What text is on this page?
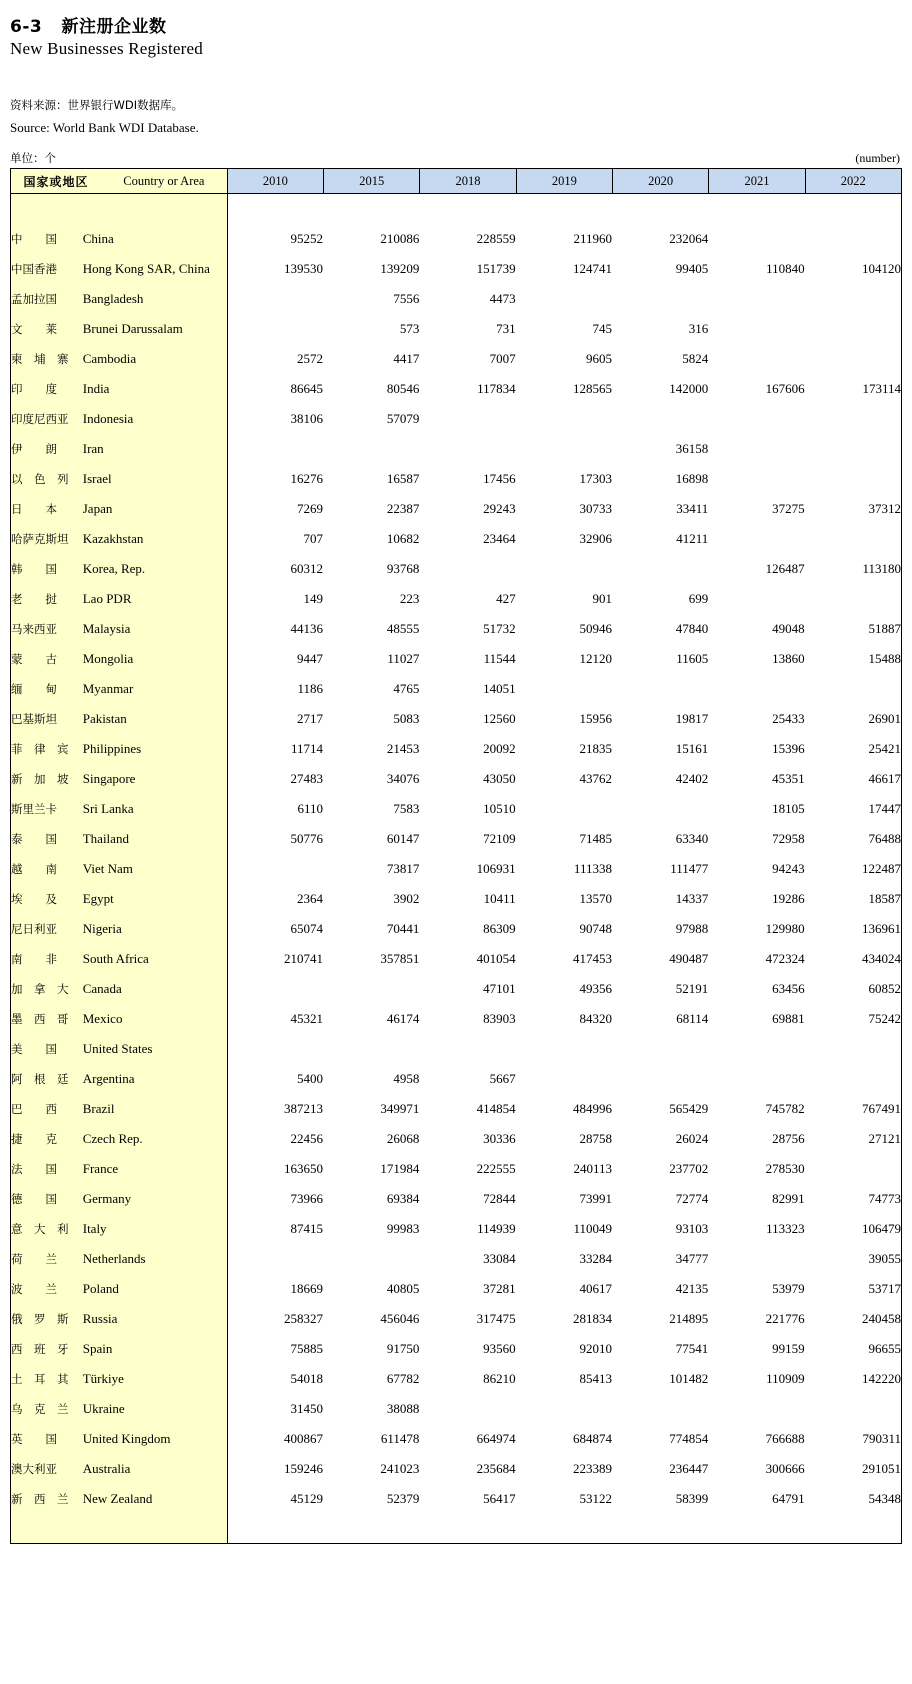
6-3 新注册企业数
New Businesses Registered
资料来源：世界银行WDI数据库。
Source: World Bank WDI Database.
单位：个	(number)
国家或地区 Country or Area		2010	2015	2018	2019	2020	2021	2022

中　　国	China	95252	210086	228559	211960	232064		
中国香港	Hong Kong SAR, China	139530	139209	151739	124741	99405	110840	104120
孟加拉国	Bangladesh		7556	4473				
文　　莱	Brunei Darussalam		573	731	745	316		
柬　埔　寨	Cambodia	2572	4417	7007	9605	5824		
印　　度	India	86645	80546	117834	128565	142000	167606	173114
印度尼西亚	Indonesia	38106	57079					
伊　　朗	Iran					36158		
以　色　列	Israel	16276	16587	17456	17303	16898		
日　　本	Japan	7269	22387	29243	30733	33411	37275	37312
哈萨克斯坦	Kazakhstan	707	10682	23464	32906	41211		
韩　　国	Korea, Rep.	60312	93768				126487	113180
老　　挝	Lao PDR	149	223	427	901	699		
马来西亚	Malaysia	44136	48555	51732	50946	47840	49048	51887
蒙　　古	Mongolia	9447	11027	11544	12120	11605	13860	15488
缅　　甸	Myanmar	1186	4765	14051				
巴基斯坦	Pakistan	2717	5083	12560	15956	19817	25433	26901
菲　律　宾	Philippines	11714	21453	20092	21835	15161	15396	25421
新　加　坡	Singapore	27483	34076	43050	43762	42402	45351	46617
斯里兰卡	Sri Lanka	6110	7583	10510			18105	17447
泰　　国	Thailand	50776	60147	72109	71485	63340	72958	76488
越　　南	Viet Nam		73817	106931	111338	111477	94243	122487
埃　　及	Egypt	2364	3902	10411	13570	14337	19286	18587
尼日利亚	Nigeria	65074	70441	86309	90748	97988	129980	136961
南　　非	South Africa	210741	357851	401054	417453	490487	472324	434024
加　拿　大	Canada			47101	49356	52191	63456	60852
墨　西　哥	Mexico	45321	46174	83903	84320	68114	69881	75242
美　　国	United States							
阿　根　廷	Argentina	5400	4958	5667				
巴　　西	Brazil	387213	349971	414854	484996	565429	745782	767491
捷　　克	Czech Rep.	22456	26068	30336	28758	26024	28756	27121
法　　国	France	163650	171984	222555	240113	237702	278530	
德　　国	Germany	73966	69384	72844	73991	72774	82991	74773
意　大　利	Italy	87415	99983	114939	110049	93103	113323	106479
荷　　兰	Netherlands			33084	33284	34777		39055
波　　兰	Poland	18669	40805	37281	40617	42135	53979	53717
俄　罗　斯	Russia	258327	456046	317475	281834	214895	221776	240458
西　班　牙	Spain	75885	91750	93560	92010	77541	99159	96655
土　耳　其	Türkiye	54018	67782	86210	85413	101482	110909	142220
乌　克　兰	Ukraine	31450	38088					
英　　国	United Kingdom	400867	611478	664974	684874	774854	766688	790311
澳大利亚	Australia	159246	241023	235684	223389	236447	300666	291051
新　西　兰	New Zealand	45129	52379	56417	53122	58399	64791	54348
